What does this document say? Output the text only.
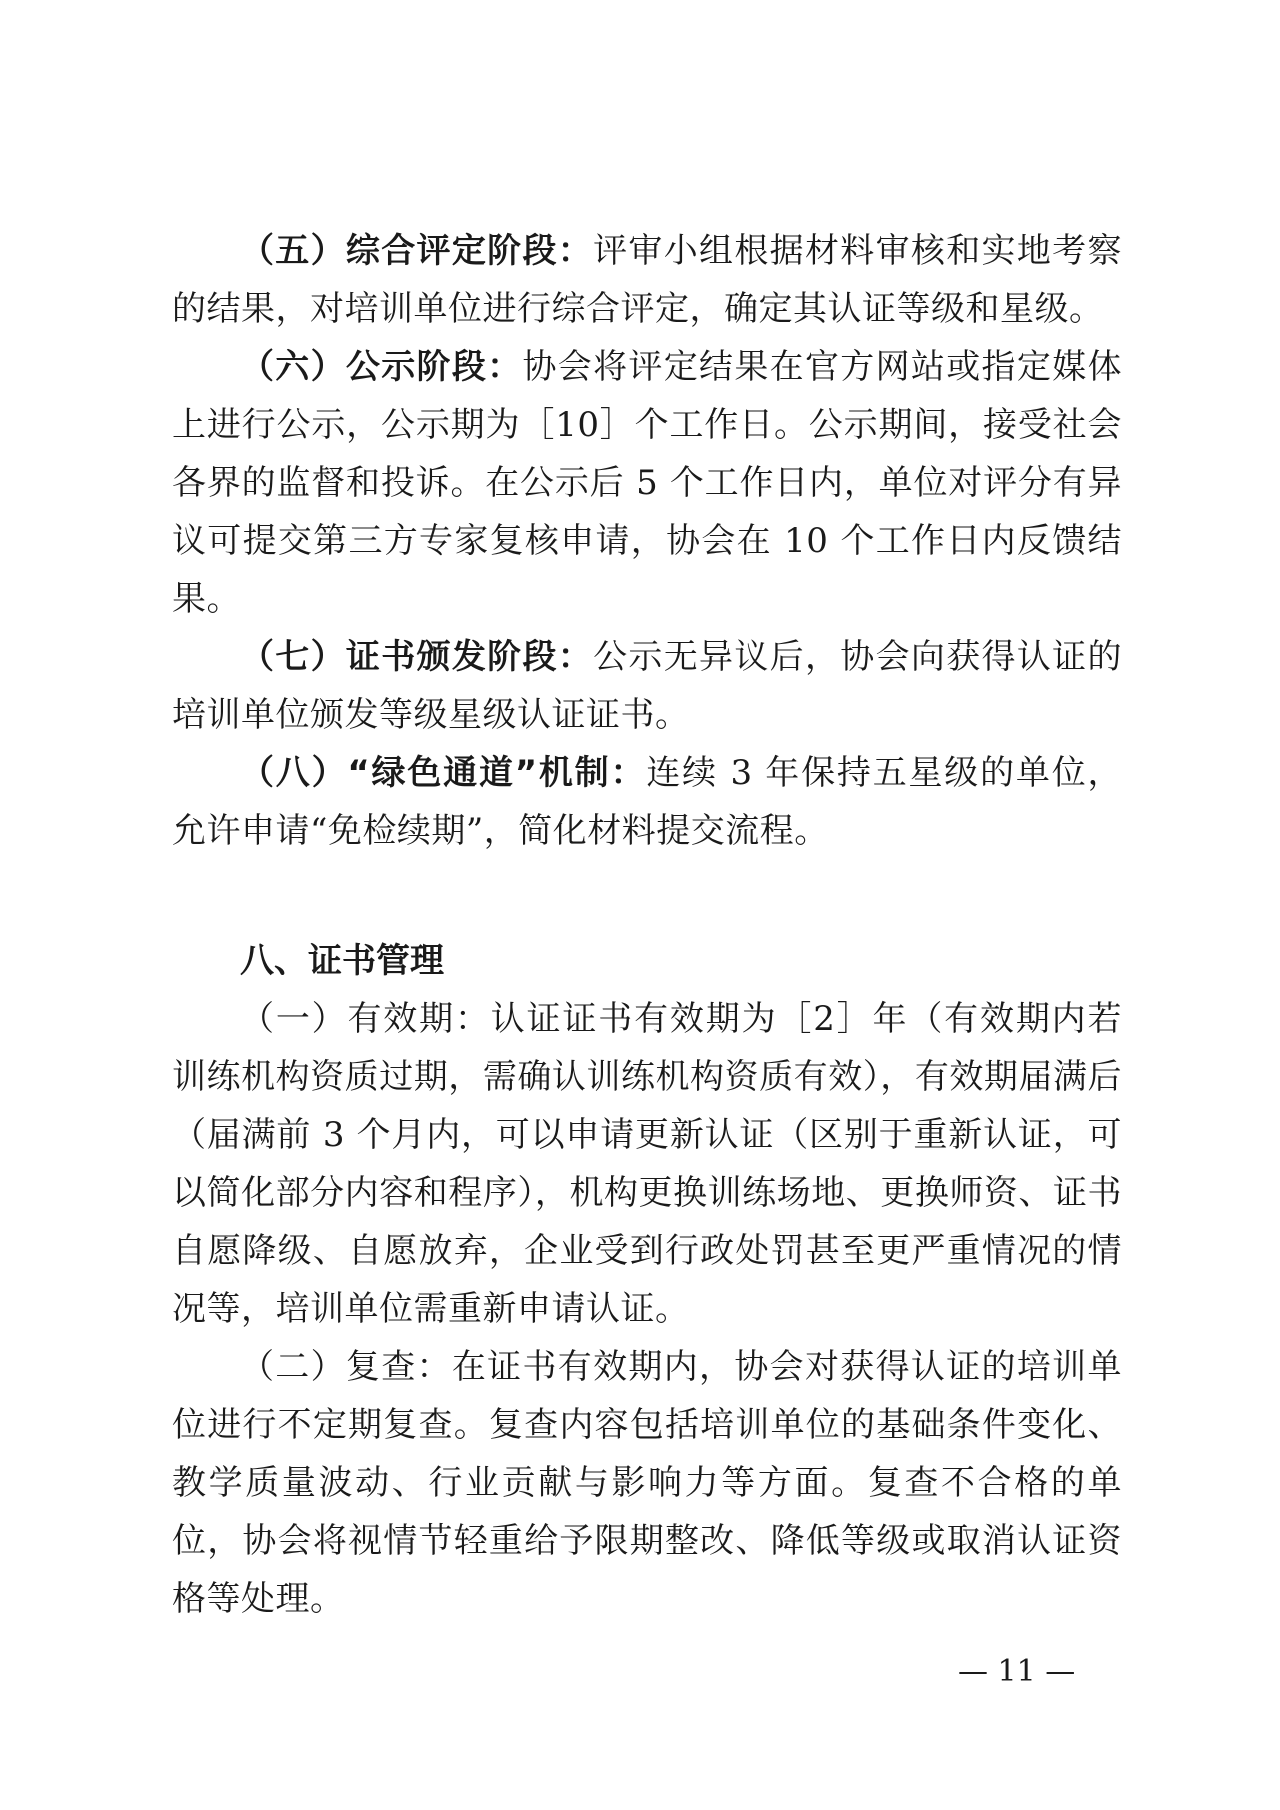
（五）综合评定阶段：评审小组根据材料审核和实地考察的结果，对培训单位进行综合评定，确定其认证等级和星级。

（六）公示阶段：协会将评定结果在官方网站或指定媒体上进行公示，公示期为［10］个工作日。公示期间，接受社会各界的监督和投诉。在公示后 5 个工作日内，单位对评分有异议可提交第三方专家复核申请，协会在 10 个工作日内反馈结果。

（七）证书颁发阶段：公示无异议后，协会向获得认证的培训单位颁发等级星级认证证书。

（八）“绿色通道”机制：连续 3 年保持五星级的单位，允许申请“免检续期”，简化材料提交流程。

八、证书管理

（一）有效期：认证证书有效期为［2］年（有效期内若训练机构资质过期，需确认训练机构资质有效），有效期届满后（届满前 3 个月内，可以申请更新认证（区别于重新认证，可以简化部分内容和程序），机构更换训练场地、更换师资、证书自愿降级、自愿放弃，企业受到行政处罚甚至更严重情况的情况等，培训单位需重新申请认证。

（二）复查：在证书有效期内，协会对获得认证的培训单位进行不定期复查。复查内容包括培训单位的基础条件变化、教学质量波动、行业贡献与影响力等方面。复查不合格的单位，协会将视情节轻重给予限期整改、降低等级或取消认证资格等处理。

— 11 —
